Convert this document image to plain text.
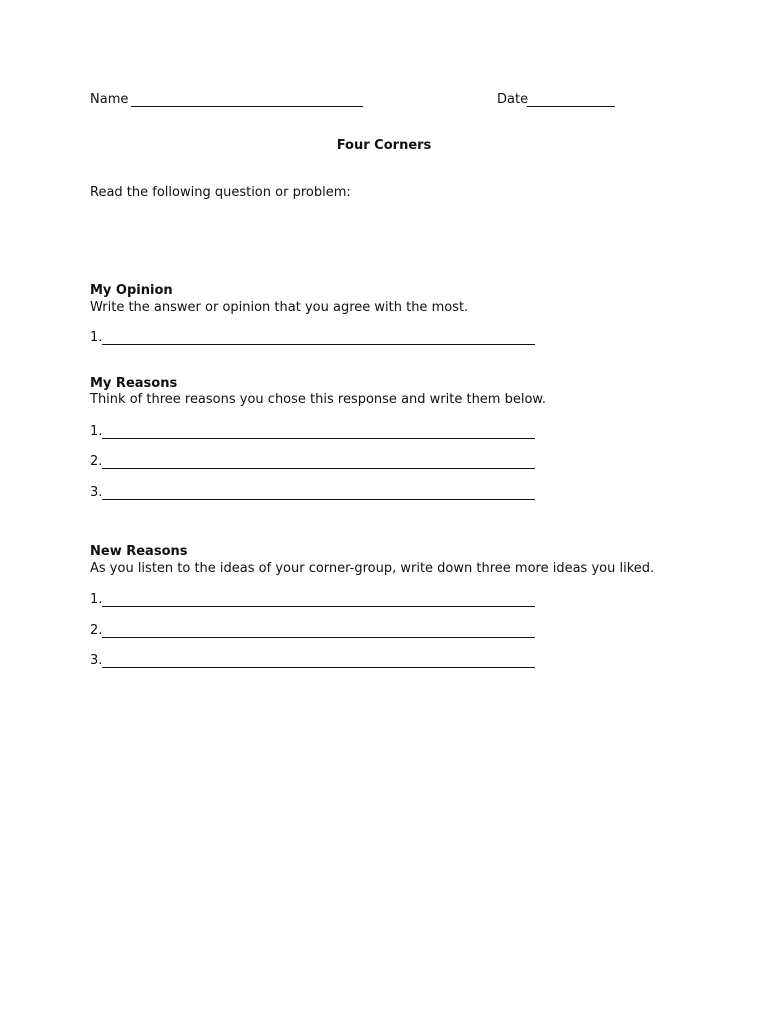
Name	Date
Four Corners
Read the following question or problem:
My Opinion
Write the answer or opinion that you agree with the most.
1.
My Reasons
Think of three reasons you chose this response and write them below.
1.
2.
3.
New Reasons
As you listen to the ideas of your corner-group, write down three more ideas you liked.
1.
2.
3.
